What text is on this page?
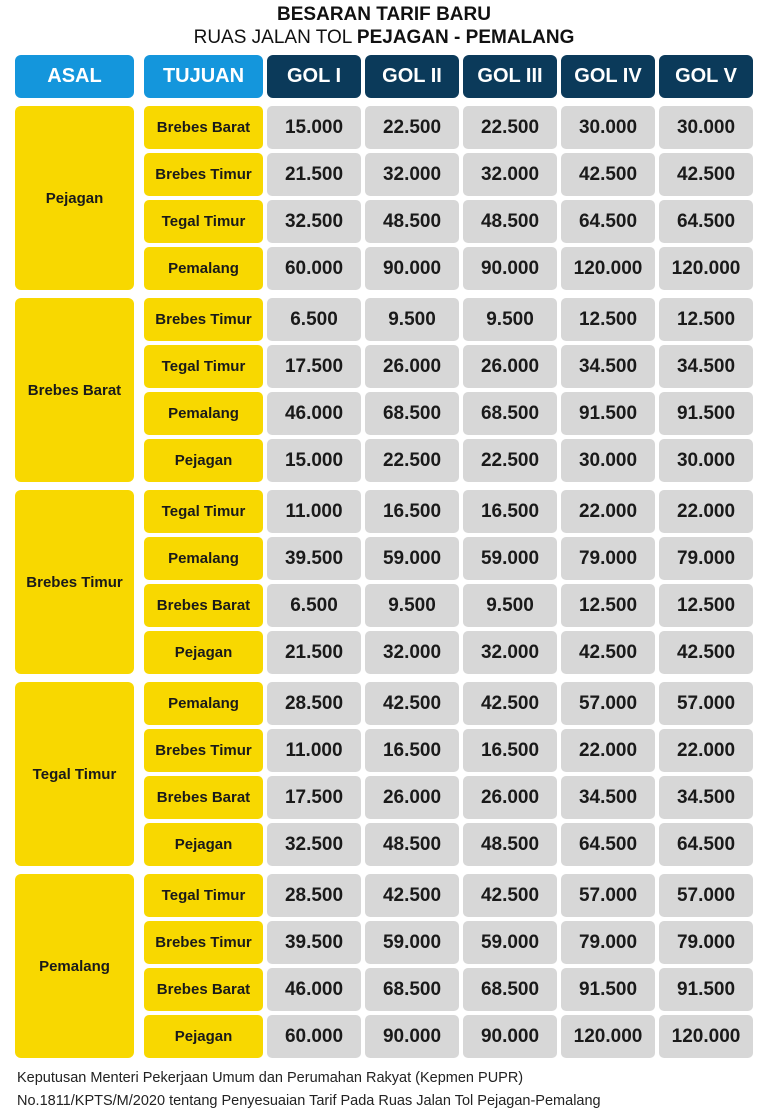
BESARAN TARIF BARU
RUAS JALAN TOL PEJAGAN - PEMALANG
ASAL	TUJUAN	GOL I	GOL II	GOL III	GOL IV	GOL V
Pejagan
Brebes Barat	15.000	22.500	22.500	30.000	30.000
Brebes Timur	21.500	32.000	32.000	42.500	42.500
Tegal Timur	32.500	48.500	48.500	64.500	64.500
Pemalang	60.000	90.000	90.000	120.000	120.000
Brebes Barat
Brebes Timur	6.500	9.500	9.500	12.500	12.500
Tegal Timur	17.500	26.000	26.000	34.500	34.500
Pemalang	46.000	68.500	68.500	91.500	91.500
Pejagan	15.000	22.500	22.500	30.000	30.000
Brebes Timur
Tegal Timur	11.000	16.500	16.500	22.000	22.000
Pemalang	39.500	59.000	59.000	79.000	79.000
Brebes Barat	6.500	9.500	9.500	12.500	12.500
Pejagan	21.500	32.000	32.000	42.500	42.500
Tegal Timur
Pemalang	28.500	42.500	42.500	57.000	57.000
Brebes Timur	11.000	16.500	16.500	22.000	22.000
Brebes Barat	17.500	26.000	26.000	34.500	34.500
Pejagan	32.500	48.500	48.500	64.500	64.500
Pemalang
Tegal Timur	28.500	42.500	42.500	57.000	57.000
Brebes Timur	39.500	59.000	59.000	79.000	79.000
Brebes Barat	46.000	68.500	68.500	91.500	91.500
Pejagan	60.000	90.000	90.000	120.000	120.000
Keputusan Menteri Pekerjaan Umum dan Perumahan Rakyat (Kepmen PUPR)
No.1811/KPTS/M/2020 tentang Penyesuaian Tarif Pada Ruas Jalan Tol Pejagan-Pemalang
